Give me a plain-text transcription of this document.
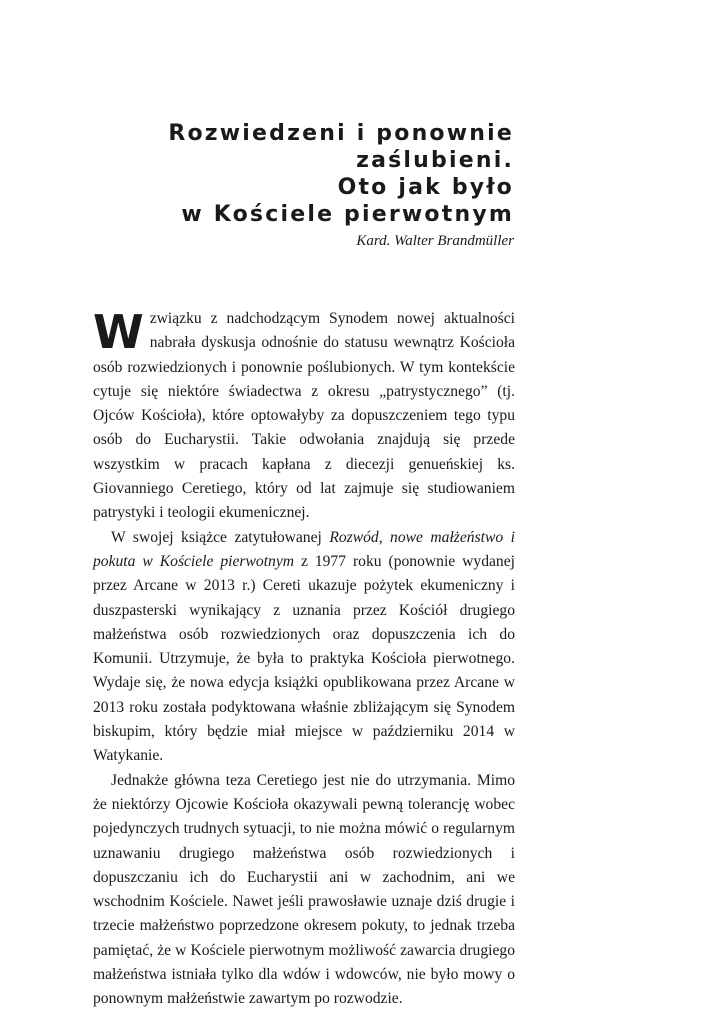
Rozwiedzeni i ponownie
zaślubieni.
Oto jak było
w Kościele pierwotnym
Kard. Walter Brandmüller

Wzwiązku z nadchodzącym Synodem nowej aktualności nabrała dyskusja odnośnie do statusu wewnątrz Kościoła osób rozwiedzionych i ponownie poślubionych. W tym kontekście cytuje się niektóre świadectwa z okresu „patrystycznego” (tj. Ojców Kościoła), które optowałyby za dopuszczeniem tego typu osób do Eucharystii. Takie odwołania znajdują się przede wszystkim w pracach kapłana z diecezji genueńskiej ks. Giovanniego Ceretiego, który od lat zajmuje się studiowaniem patrystyki i teologii ekumenicznej.

W swojej książce zatytułowanej Rozwód, nowe małżeństwo i pokuta w Kościele pierwotnym z 1977 roku (ponownie wydanej przez Arcane w 2013 r.) Cereti ukazuje pożytek ekumeniczny i duszpasterski wynikający z uznania przez Kościół drugiego małżeństwa osób rozwiedzionych oraz dopuszczenia ich do Komunii. Utrzymuje, że była to praktyka Kościoła pierwotnego. Wydaje się, że nowa edycja książki opublikowana przez Arcane w 2013 roku została podyktowana właśnie zbliżającym się Synodem biskupim, który będzie miał miejsce w październiku 2014 w Watykanie.

Jednakże główna teza Ceretiego jest nie do utrzymania. Mimo że niektórzy Ojcowie Kościoła okazywali pewną tolerancję wobec pojedynczych trudnych sytuacji, to nie można mówić o regularnym uznawaniu drugiego małżeństwa osób rozwiedzionych i dopuszczaniu ich do Eucharystii ani w zachodnim, ani we wschodnim Kościele. Nawet jeśli prawosławie uznaje dziś drugie i trzecie małżeństwo poprzedzone okresem pokuty, to jednak trzeba pamiętać, że w Kościele pierwotnym możliwość zawarcia drugiego małżeństwa istniała tylko dla wdów i wdowców, nie było mowy o ponownym małżeństwie zawartym po rozwodzie.
